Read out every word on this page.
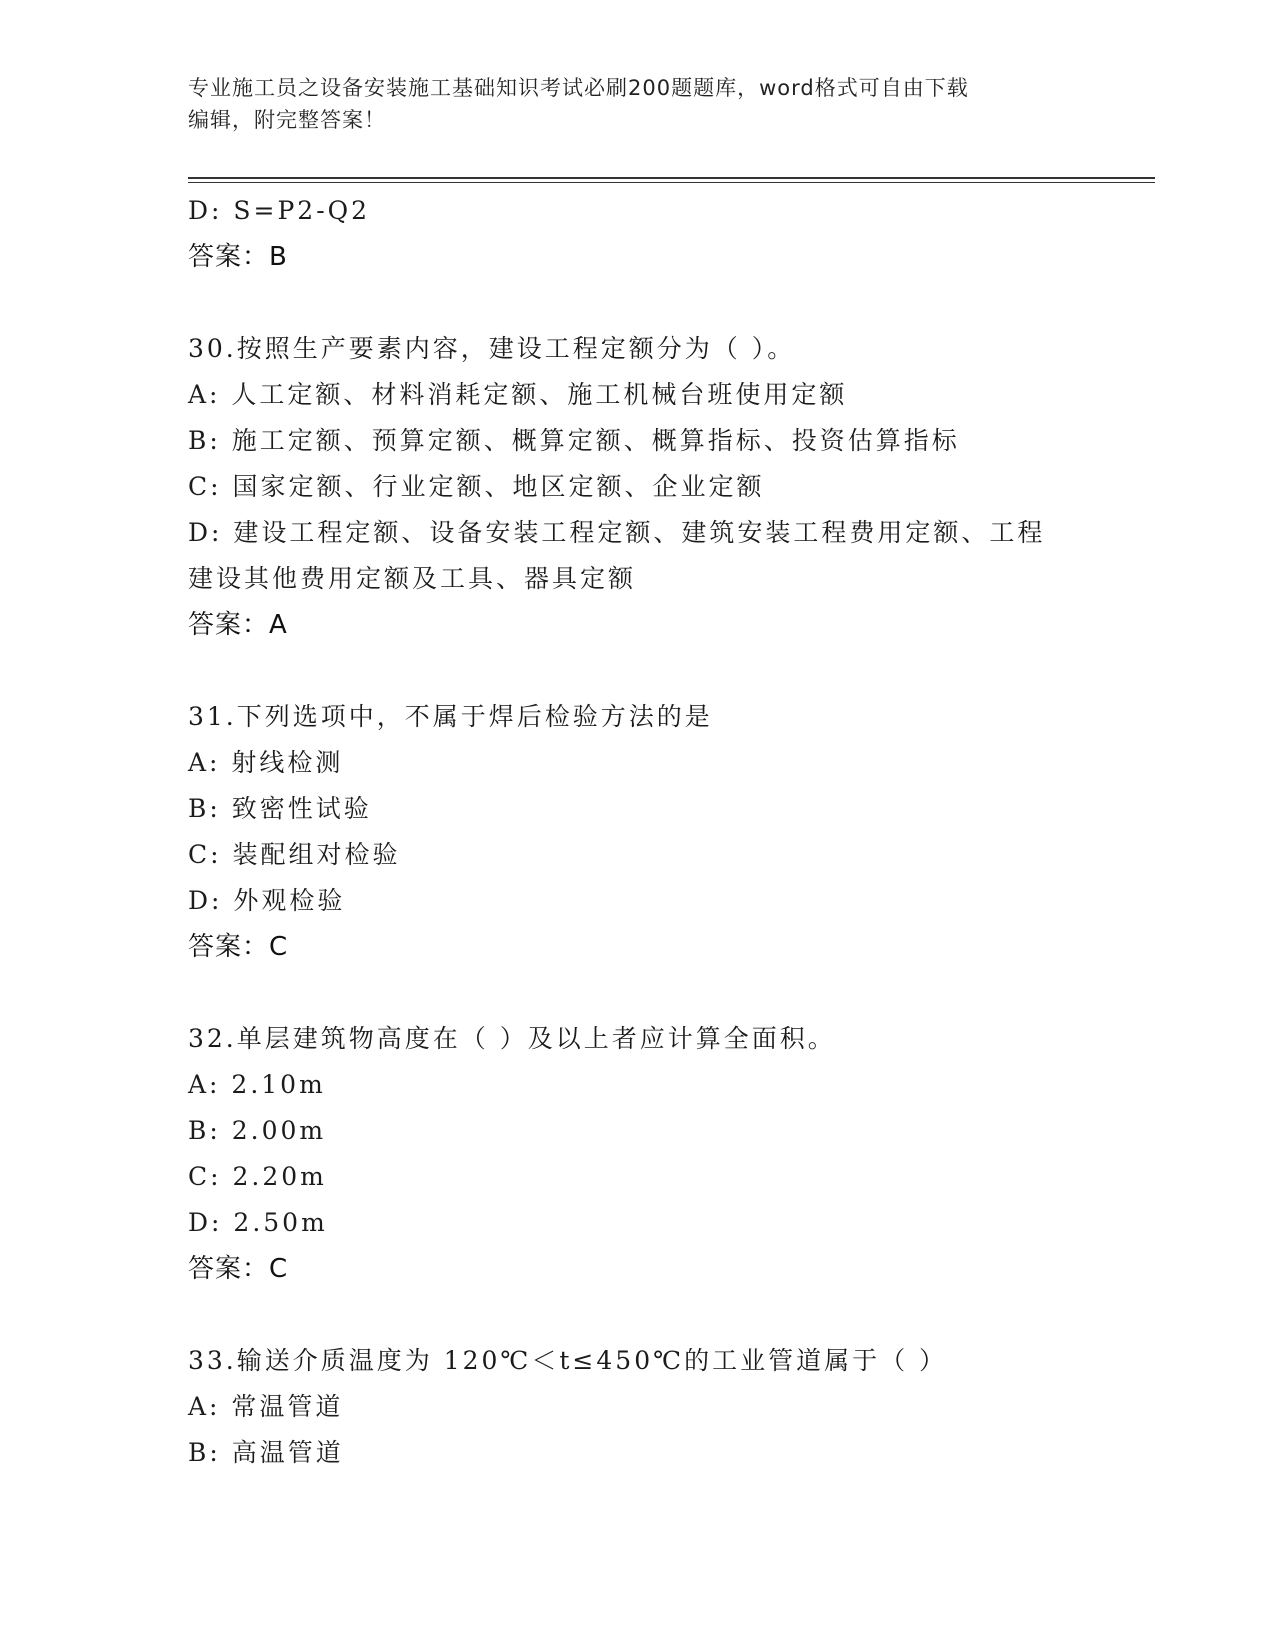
专业施工员之设备安装施工基础知识考试必刷200题题库，word格式可自由下载
编辑，附完整答案！
D: S=P2-Q2
答案：B
30.按照生产要素内容，建设工程定额分为（ ）。
A: 人工定额、材料消耗定额、施工机械台班使用定额
B: 施工定额、预算定额、概算定额、概算指标、投资估算指标
C: 国家定额、行业定额、地区定额、企业定额
D: 建设工程定额、设备安装工程定额、建筑安装工程费用定额、工程
建设其他费用定额及工具、器具定额
答案：A
31.下列选项中，不属于焊后检验方法的是
A: 射线检测
B: 致密性试验
C: 装配组对检验
D: 外观检验
答案：C
32.单层建筑物高度在（ ）及以上者应计算全面积。
A: 2.10m
B: 2.00m
C: 2.20m
D: 2.50m
答案：C
33.输送介质温度为 120℃＜t≤450℃的工业管道属于（ ）
A: 常温管道
B: 高温管道
